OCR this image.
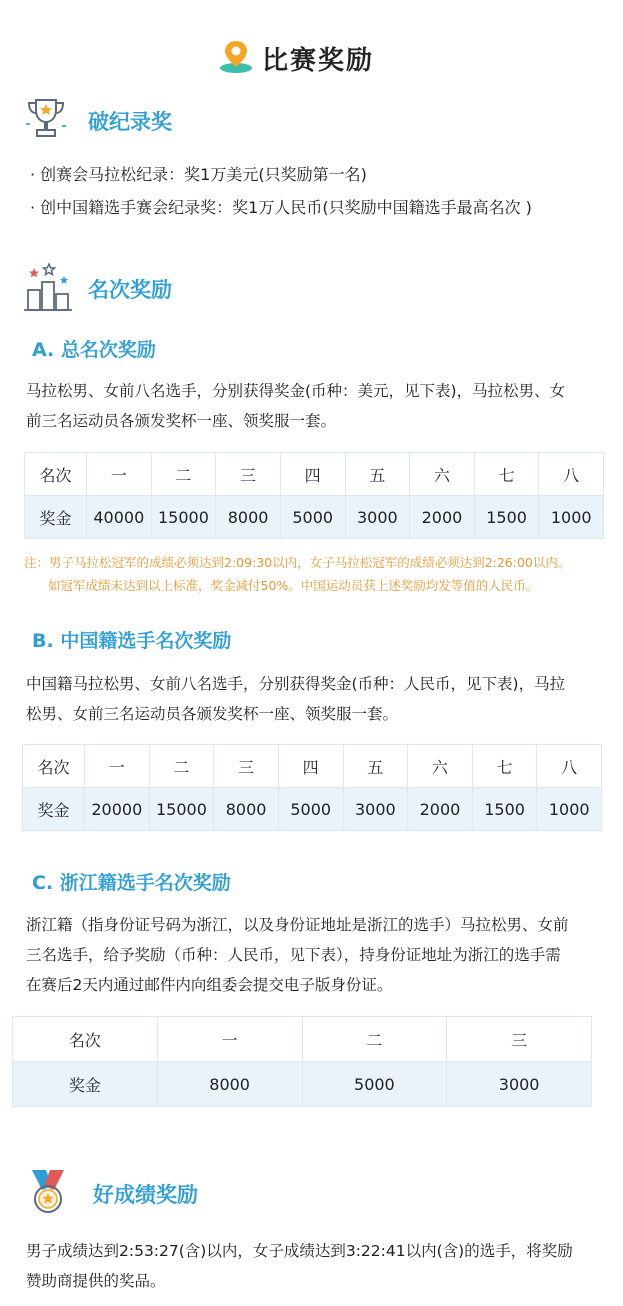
比赛奖励
破纪录奖
· 创赛会马拉松纪录：奖1万美元(只奖励第一名)
· 创中国籍选手赛会纪录奖：奖1万人民币(只奖励中国籍选手最高名次 )
名次奖励
A. 总名次奖励
马拉松男、女前八名选手，分别获得奖金(币种：美元，见下表)，马拉松男、女
前三名运动员各颁发奖杯一座、领奖服一套。
名次	一	二	三	四	五	六	七	八
奖金	40000	15000	8000	5000	3000	2000	1500	1000
注：男子马拉松冠军的成绩必须达到2:09:30以内，女子马拉松冠军的成绩必须达到2:26:00以内。
如冠军成绩未达到以上标准，奖金减付50%。中国运动员获上述奖励均发等值的人民币。
B. 中国籍选手名次奖励
中国籍马拉松男、女前八名选手，分别获得奖金(币种：人民币，见下表)，马拉
松男、女前三名运动员各颁发奖杯一座、领奖服一套。
名次	一	二	三	四	五	六	七	八
奖金	20000	15000	8000	5000	3000	2000	1500	1000
C. 浙江籍选手名次奖励
浙江籍（指身份证号码为浙江，以及身份证地址是浙江的选手）马拉松男、女前
三名选手，给予奖励（币种：人民币，见下表），持身份证地址为浙江的选手需
在赛后2天内通过邮件内向组委会提交电子版身份证。
名次	一	二	三
奖金	8000	5000	3000
好成绩奖励
男子成绩达到2:53:27(含)以内，女子成绩达到3:22:41以内(含)的选手，将奖励
赞助商提供的奖品。
